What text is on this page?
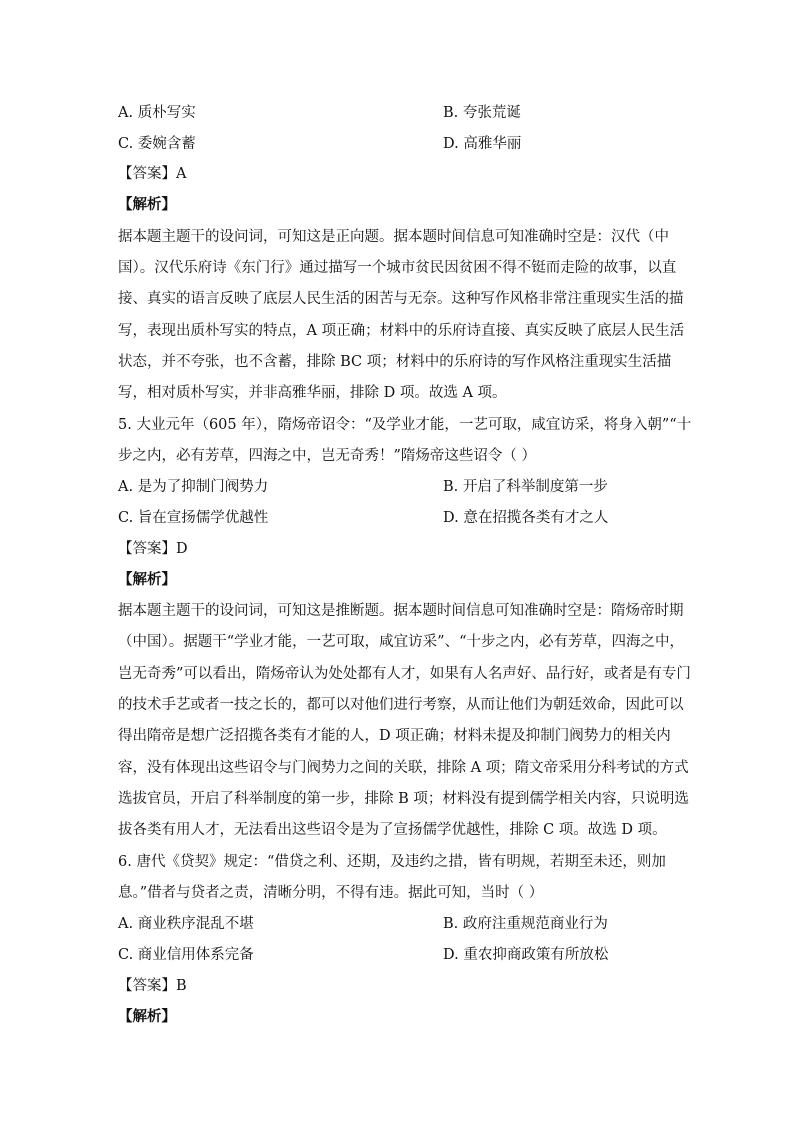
A. 质朴写实	B. 夸张荒诞
C. 委婉含蓄	D. 高雅华丽
【答案】A
【解析】
据本题主题干的设问词，可知这是正向题。据本题时间信息可知准确时空是：汉代（中
国）。汉代乐府诗《东门行》通过描写一个城市贫民因贫困不得不铤而走险的故事，以直
接、真实的语言反映了底层人民生活的困苦与无奈。这种写作风格非常注重现实生活的描
写，表现出质朴写实的特点，A 项正确；材料中的乐府诗直接、真实反映了底层人民生活
状态，并不夸张，也不含蓄，排除 BC 项；材料中的乐府诗的写作风格注重现实生活描
写，相对质朴写实，并非高雅华丽，排除 D 项。故选 A 项。
5. 大业元年（605 年），隋炀帝诏令：“及学业才能，一艺可取，咸宜访采，将身入朝”“十
步之内，必有芳草，四海之中，岂无奇秀！”隋炀帝这些诏令（ ）
A. 是为了抑制门阀势力	B. 开启了科举制度第一步
C. 旨在宣扬儒学优越性	D. 意在招揽各类有才之人
【答案】D
【解析】
据本题主题干的设问词，可知这是推断题。据本题时间信息可知准确时空是：隋炀帝时期
（中国）。据题干“学业才能，一艺可取，咸宜访采”、“十步之内，必有芳草，四海之中，
岂无奇秀”可以看出，隋炀帝认为处处都有人才，如果有人名声好、品行好，或者是有专门
的技术手艺或者一技之长的，都可以对他们进行考察，从而让他们为朝廷效命，因此可以
得出隋帝是想广泛招揽各类有才能的人，D 项正确；材料未提及抑制门阀势力的相关内
容，没有体现出这些诏令与门阀势力之间的关联，排除 A 项；隋文帝采用分科考试的方式
选拔官员，开启了科举制度的第一步，排除 B 项；材料没有提到儒学相关内容，只说明选
拔各类有用人才，无法看出这些诏令是为了宣扬儒学优越性，排除 C 项。故选 D 项。
6. 唐代《贷契》规定：“借贷之利、还期，及违约之措，皆有明规，若期至未还，则加
息。”借者与贷者之责，清晰分明，不得有违。据此可知，当时（ ）
A. 商业秩序混乱不堪	B. 政府注重规范商业行为
C. 商业信用体系完备	D. 重农抑商政策有所放松
【答案】B
【解析】
